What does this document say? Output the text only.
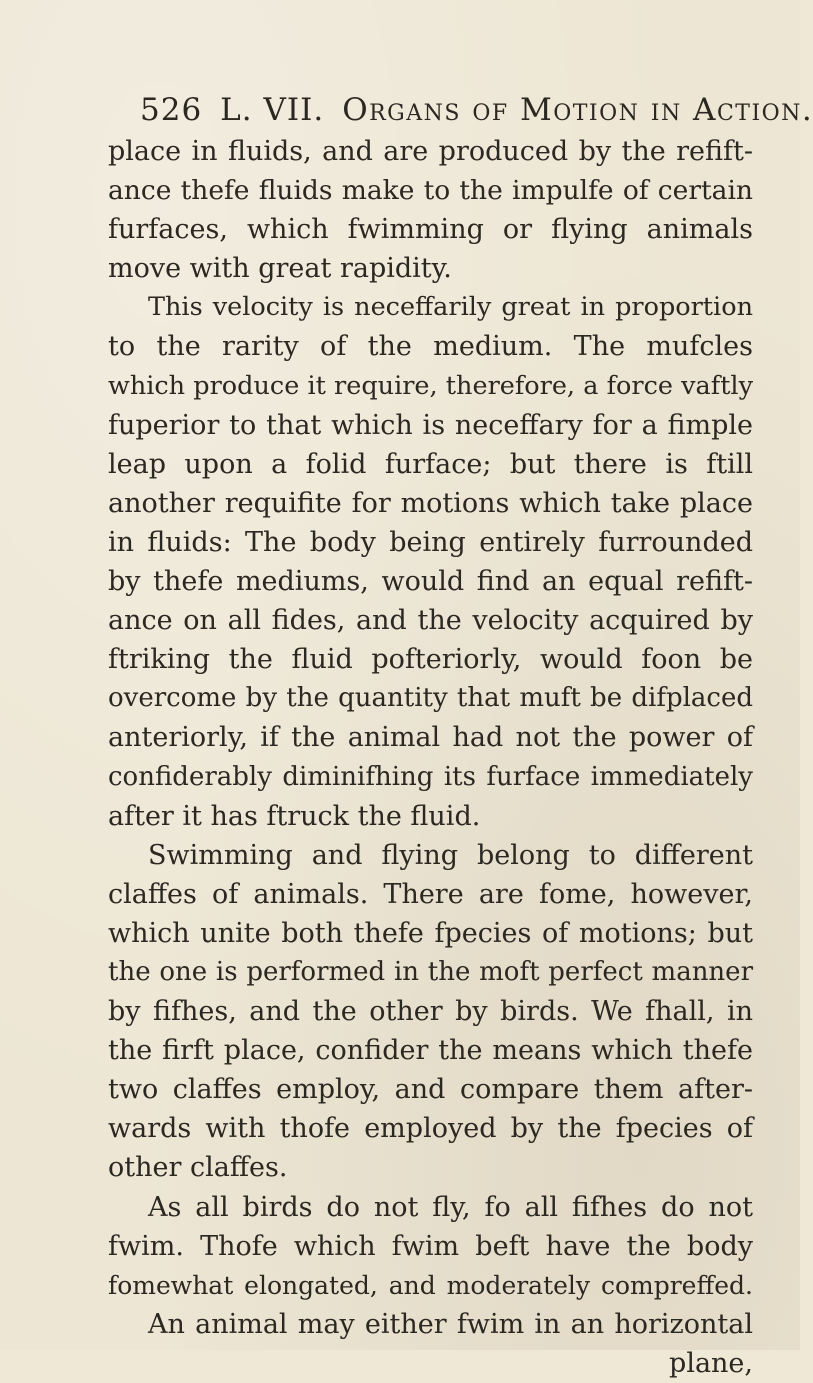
526 L. VII. Organs of Motion in Action.
place in fluids, and are produced by the refift-
ance thefe fluids make to the impulfe of certain
furfaces, which fwimming or flying animals
move with great rapidity.
This velocity is neceffarily great in proportion
to the rarity of the medium. The mufcles
which produce it require, therefore, a force vaftly
fuperior to that which is neceffary for a fimple
leap upon a folid furface; but there is ftill
another requifite for motions which take place
in fluids: The body being entirely furrounded
by thefe mediums, would find an equal refift-
ance on all fides, and the velocity acquired by
ftriking the fluid pofteriorly, would foon be
overcome by the quantity that muft be difplaced
anteriorly, if the animal had not the power of
confiderably diminifhing its furface immediately
after it has ftruck the fluid.
Swimming and flying belong to different
claffes of animals. There are fome, however,
which unite both thefe fpecies of motions; but
the one is performed in the moft perfect manner
by fifhes, and the other by birds. We fhall, in
the firft place, confider the means which thefe
two claffes employ, and compare them after-
wards with thofe employed by the fpecies of
other claffes.
As all birds do not fly, fo all fifhes do not
fwim. Thofe which fwim beft have the body
fomewhat elongated, and moderately compreffed.
An animal may either fwim in an horizontal
plane,
